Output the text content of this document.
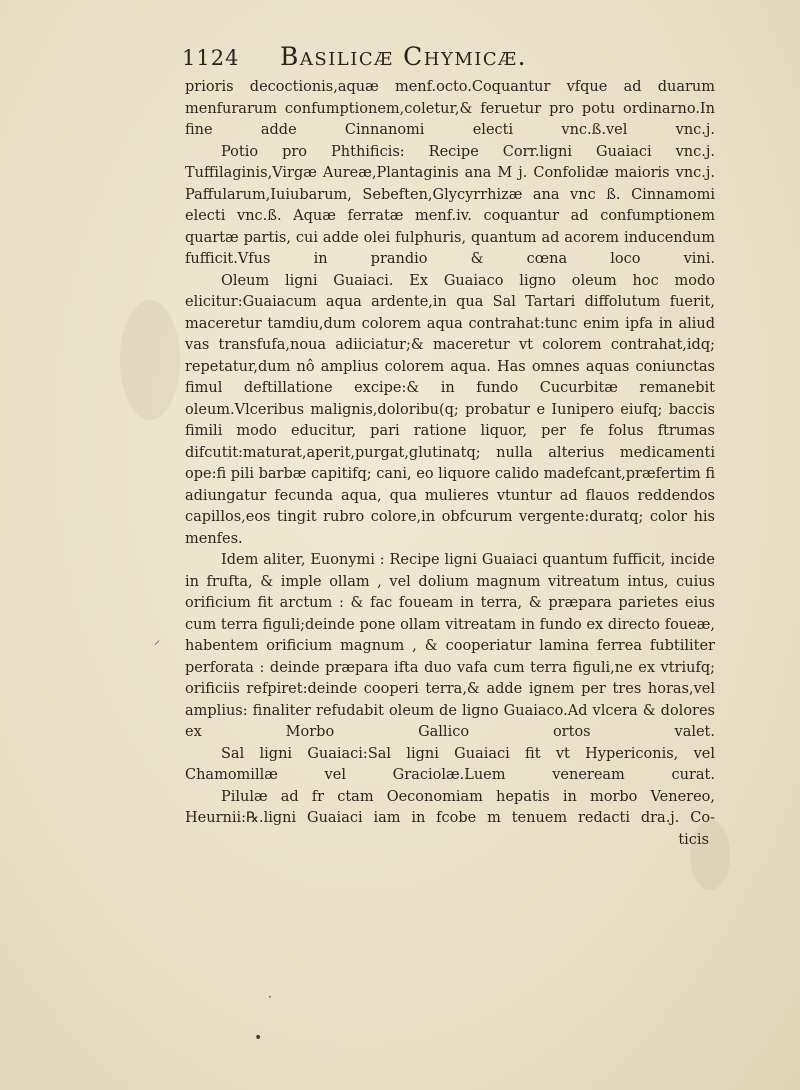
1124 Basilicæ Chymicæ.

prioris decoctionis,aquæ menf.octo.Coquantur vfque ad duarum menfurarum confumptionem,coletur,& feruetur pro potu ordinarno.In fine adde Cinnanomi electi vnc.ß.vel vnc.j.

Potio pro Phthificis: Recipe Corr.ligni Guaiaci vnc.j. Tuffilaginis,Virgæ Aureæ,Plantaginis ana M j. Confolidæ maioris vnc.j. Paffularum,Iuiubarum, Sebeften,Glycyrrhizæ ana vnc ß. Cinnamomi electi vnc.ß. Aquæ ferratæ menf.iv. coquantur ad confumptionem quartæ partis, cui adde olei fulphuris, quantum ad acorem inducendum fufficit.Vfus in prandio & cœna loco vini.

Oleum ligni Guaiaci. Ex Guaiaco ligno oleum hoc modo elicitur:Guaiacum aqua ardente,in qua Sal Tartari diffolutum fuerit, maceretur tamdiu,dum colorem aqua contrahat:tunc enim ipfa in aliud vas transfufa,noua adiiciatur;& maceretur vt colorem contrahat,idq; repetatur,dum nô amplius colorem aqua. Has omnes aquas coniunctas fimul deftillatione excipe:& in fundo Cucurbitæ remanebit oleum.Vlceribus malignis,doloribu(q; probatur e Iunipero eiufq; baccis fimili modo educitur, pari ratione liquor, per fe folus ftrumas difcutit:maturat,aperit,purgat,glutinatq; nulla alterius medicamenti ope:fi pili barbæ capitifq; cani, eo liquore calido madefcant,præfertim fi adiungatur fecunda aqua, qua mulieres vtuntur ad flauos reddendos capillos,eos tingit rubro colore,in obfcurum vergente:duratq; color his menfes.

Idem aliter, Euonymi : Recipe ligni Guaiaci quantum fufficit, incide in frufta, & imple ollam , vel dolium magnum vitreatum intus, cuius orificium fit arctum : & fac foueam in terra, & præpara parietes eius cum terra figuli;deinde pone ollam vitreatam in fundo ex directo foueæ, habentem orificium magnum , & cooperiatur lamina ferrea fubtiliter perforata : deinde præpara ifta duo vafa cum terra figuli,ne ex vtriufq; orificiis refpiret:deinde cooperi terra,& adde ignem per tres horas,vel amplius: finaliter refudabit oleum de ligno Guaiaco.Ad vlcera & dolores ex Morbo Gallico ortos valet.

Sal ligni Guaiaci:Sal ligni Guaiaci fit vt Hypericonis, vel Chamomillæ vel Graciolæ.Luem veneream curat.

Pilulæ ad fr ctam Oeconomiam hepatis in morbo Venereo, Heurnii:℞.ligni Guaiaci iam in fcobe m tenuem redacti dra.j. Co-

ticis
⸍
·
•
